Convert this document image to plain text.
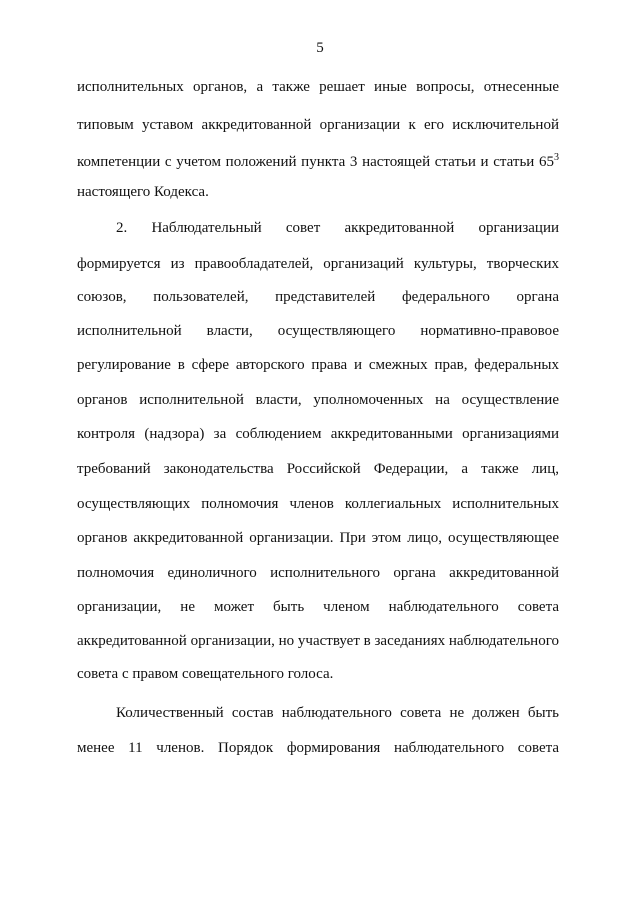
5
исполнительных органов, а также решает иные вопросы, отнесенные
типовым уставом аккредитованной организации к его исключительной
компетенции с учетом положений пункта 3 настоящей статьи и статьи $65^3$
настоящего Кодекса.
2. Наблюдательный совет аккредитованной организации
формируется из правообладателей, организаций культуры, творческих
союзов, пользователей, представителей федерального органа
исполнительной власти, осуществляющего нормативно-правовое
регулирование в сфере авторского права и смежных прав, федеральных
органов исполнительной власти, уполномоченных на осуществление
контроля (надзора) за соблюдением аккредитованными организациями
требований законодательства Российской Федерации, а также лиц,
осуществляющих полномочия членов коллегиальных исполнительных
органов аккредитованной организации. При этом лицо, осуществляющее
полномочия единоличного исполнительного органа аккредитованной
организации, не может быть членом наблюдательного совета
аккредитованной организации, но участвует в заседаниях наблюдательного
совета с правом совещательного голоса.
Количественный состав наблюдательного совета не должен быть
менее 11 членов. Порядок формирования наблюдательного совета
